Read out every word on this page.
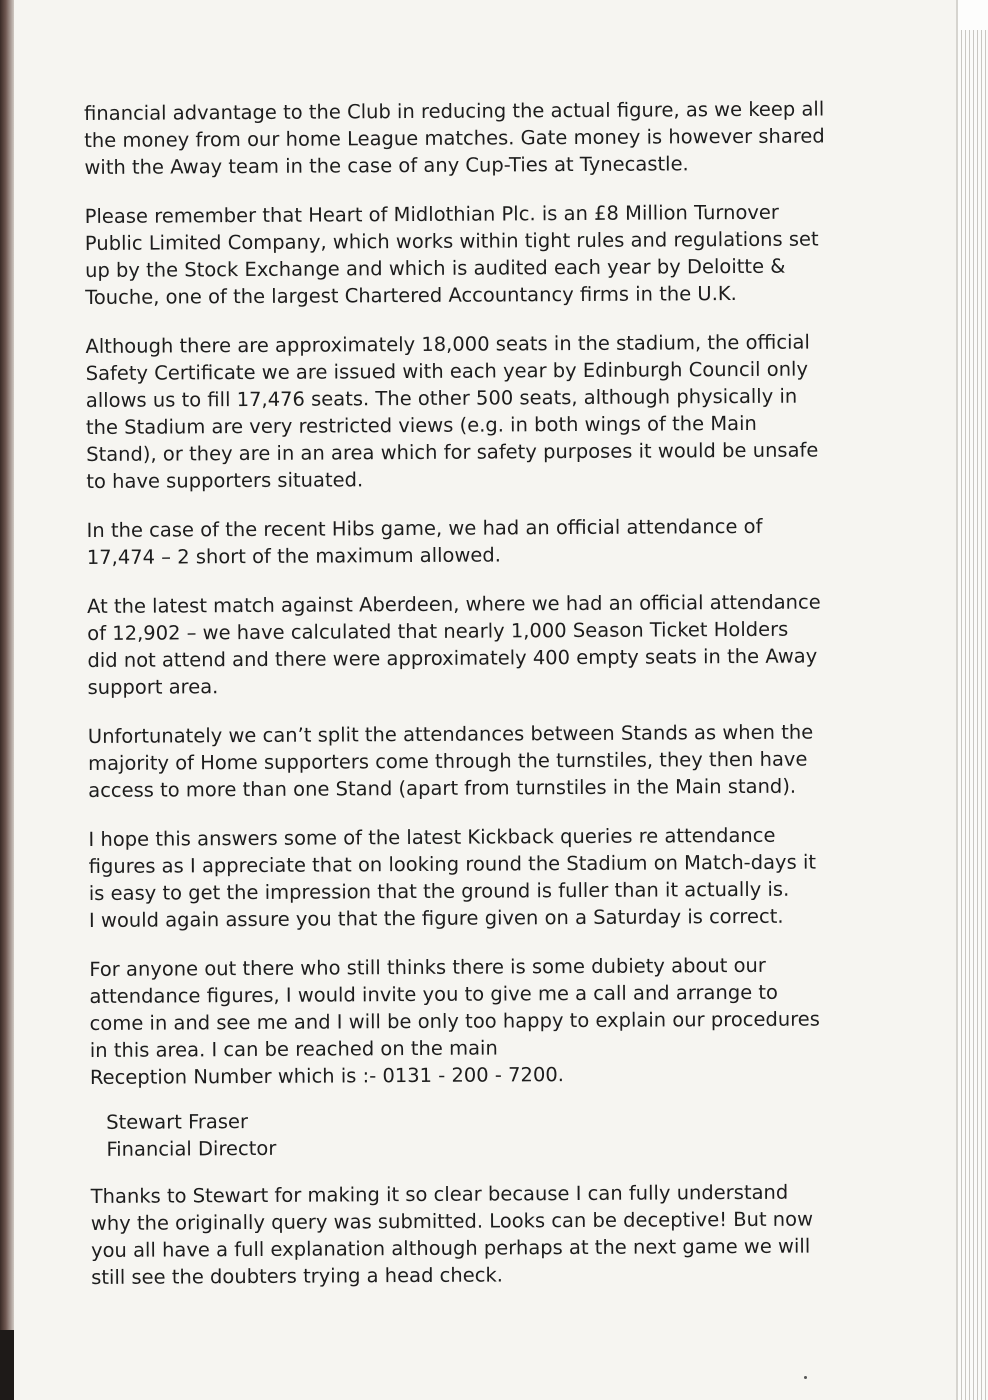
financial advantage to the Club in reducing the actual figure, as we keep all
the money from our home League matches. Gate money is however shared
with the Away team in the case of any Cup-Ties at Tynecastle.

Please remember that Heart of Midlothian Plc. is an £8 Million Turnover
Public Limited Company, which works within tight rules and regulations set
up by the Stock Exchange and which is audited each year by Deloitte &
Touche, one of the largest Chartered Accountancy firms in the U.K.

Although there are approximately 18,000 seats in the stadium, the official
Safety Certificate we are issued with each year by Edinburgh Council only
allows us to fill 17,476 seats. The other 500 seats, although physically in
the Stadium are very restricted views (e.g. in both wings of the Main
Stand), or they are in an area which for safety purposes it would be unsafe
to have supporters situated.

In the case of the recent Hibs game, we had an official attendance of
17,474 – 2 short of the maximum allowed.

At the latest match against Aberdeen, where we had an official attendance
of 12,902 – we have calculated that nearly 1,000 Season Ticket Holders
did not attend and there were approximately 400 empty seats in the Away
support area.

Unfortunately we can’t split the attendances between Stands as when the
majority of Home supporters come through the turnstiles, they then have
access to more than one Stand (apart from turnstiles in the Main stand).

I hope this answers some of the latest Kickback queries re attendance
figures as I appreciate that on looking round the Stadium on Match-days it
is easy to get the impression that the ground is fuller than it actually is.
I would again assure you that the figure given on a Saturday is correct.

For anyone out there who still thinks there is some dubiety about our
attendance figures, I would invite you to give me a call and arrange to
come in and see me and I will be only too happy to explain our procedures
in this area. I can be reached on the main
Reception Number which is :- 0131 - 200 - 7200.

Stewart Fraser
Financial Director

Thanks to Stewart for making it so clear because I can fully understand
why the originally query was submitted. Looks can be deceptive! But now
you all have a full explanation although perhaps at the next game we will
still see the doubters trying a head check.
